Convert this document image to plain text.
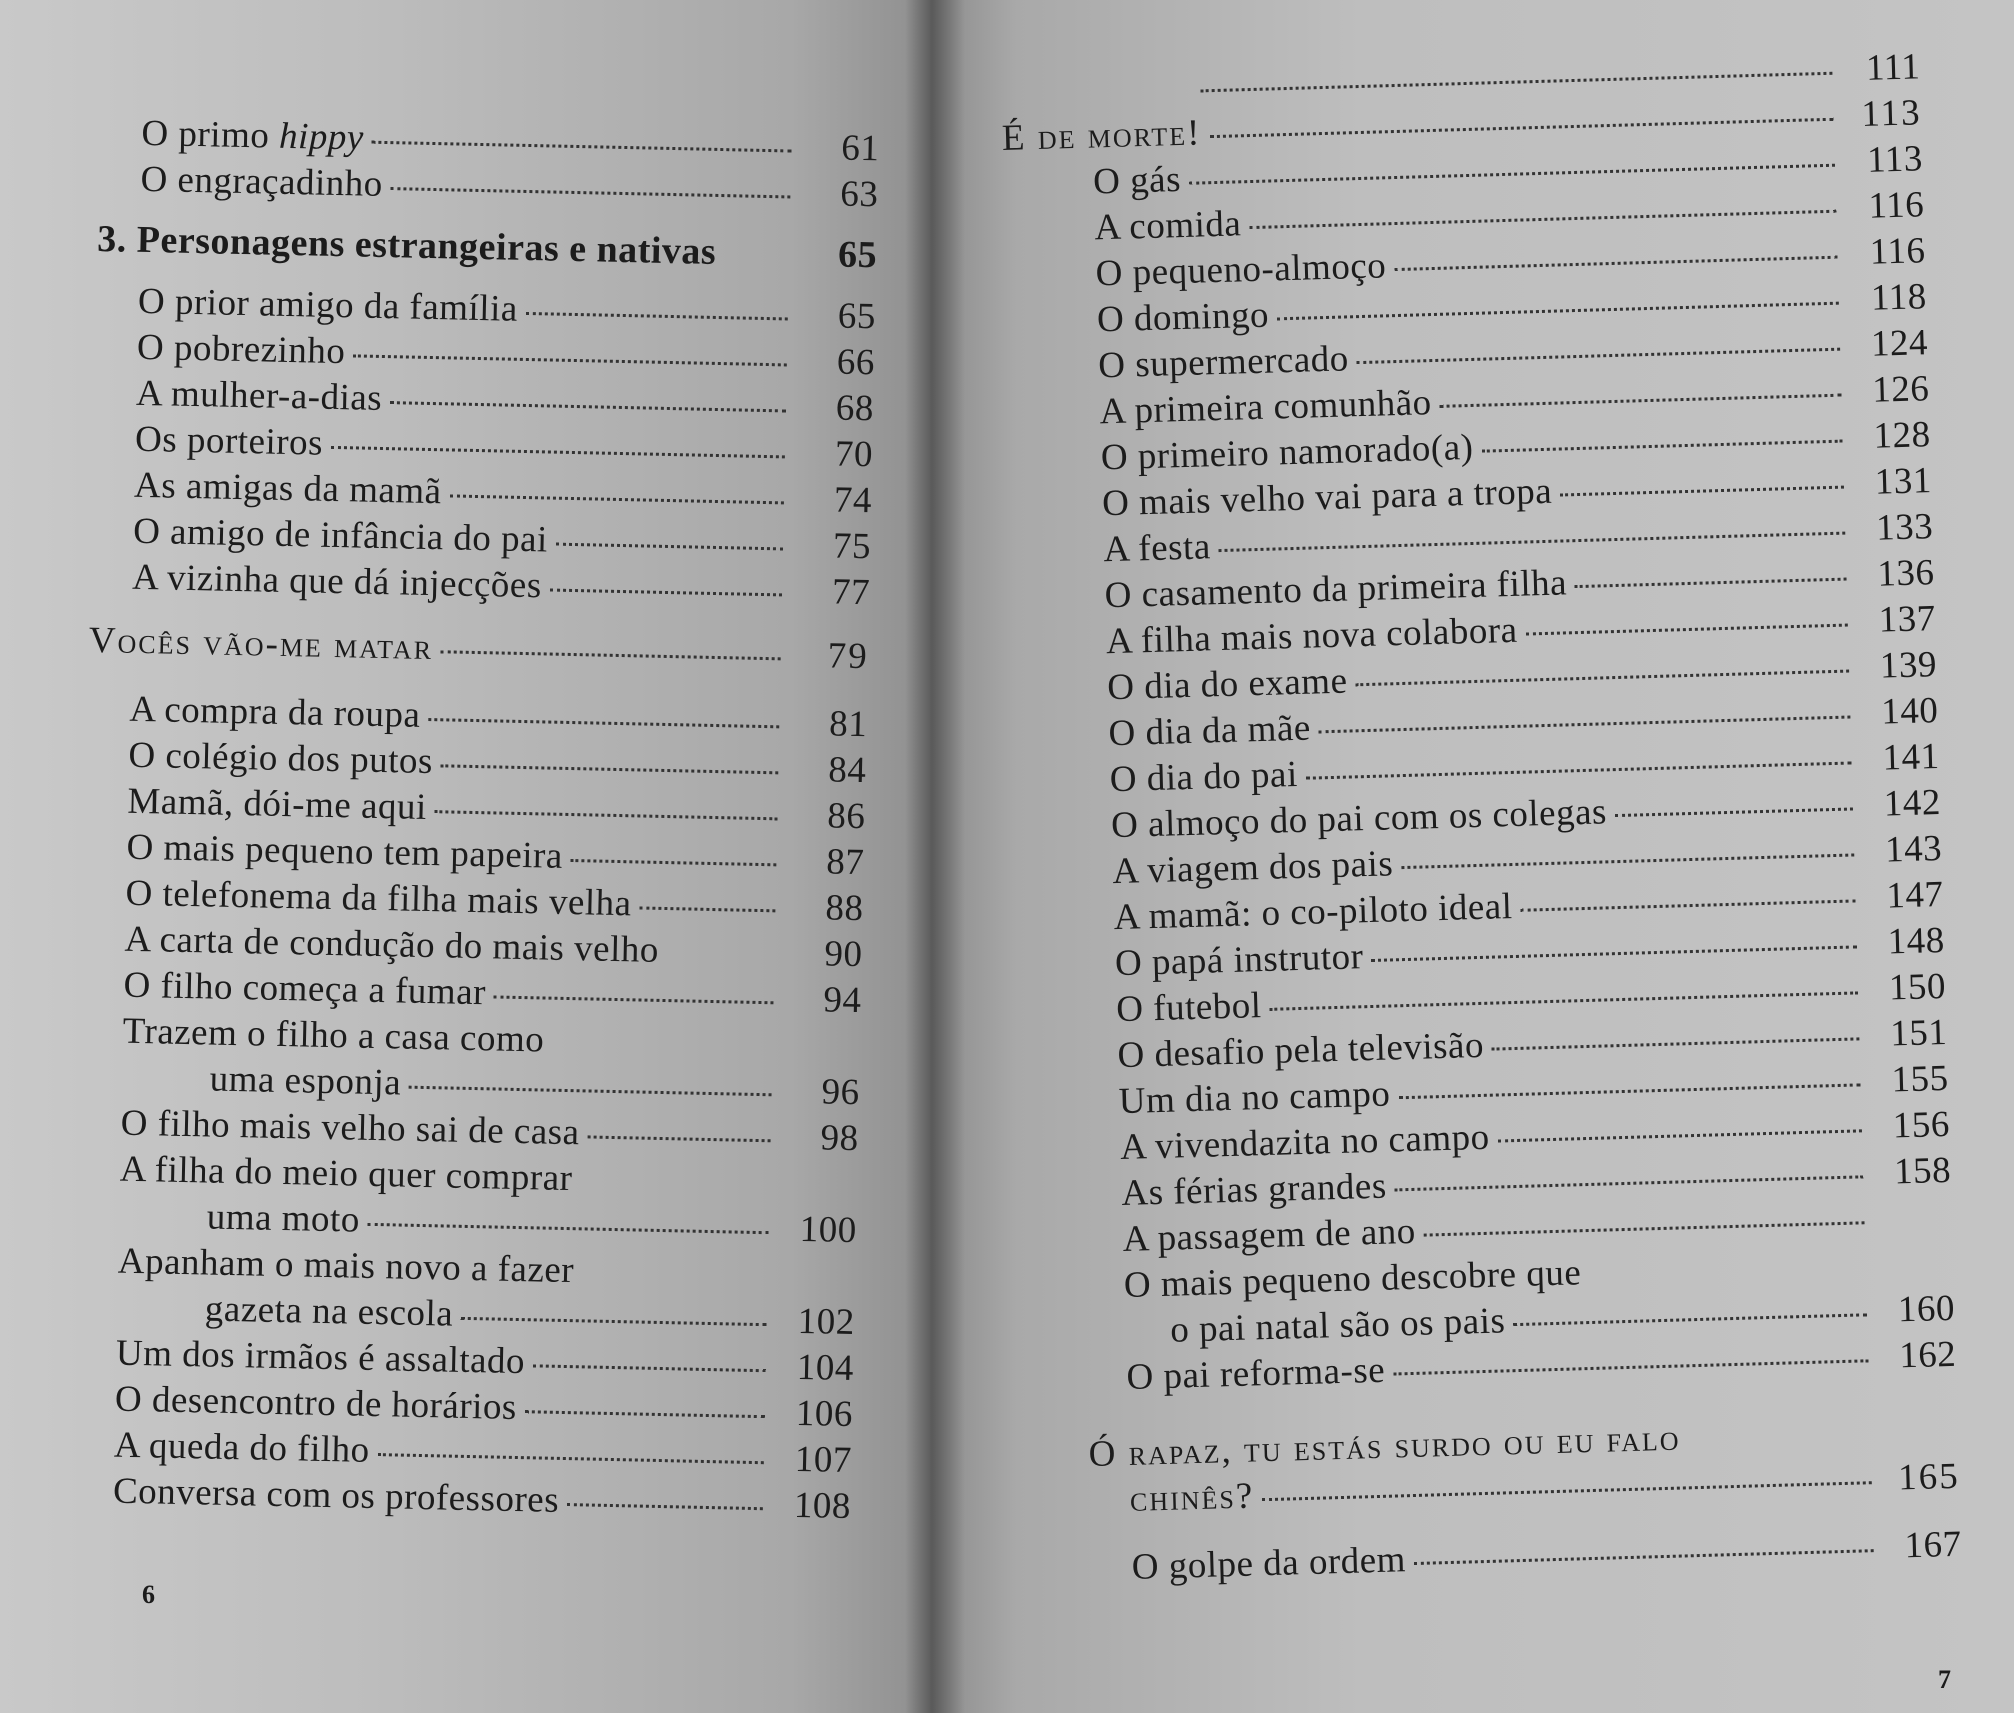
O primo hippy	61
O engraçadinho	63
3. Personagens estrangeiras e nativas	65
O prior amigo da família	65
O pobrezinho	66
A mulher-a-dias	68
Os porteiros	70
As amigas da mamã	74
O amigo de infância do pai	75
A vizinha que dá injecções	77
Vocês vão-me matar	79
A compra da roupa	81
O colégio dos putos	84
Mamã, dói-me aqui	86
O mais pequeno tem papeira	87
O telefonema da filha mais velha	88
A carta de condução do mais velho	90
O filho começa a fumar	94
Trazem o filho a casa como
uma esponja	96
O filho mais velho sai de casa	98
A filha do meio quer comprar
uma moto	100
Apanham o mais novo a fazer
gazeta na escola	102
Um dos irmãos é assaltado	104
O desencontro de horários	106
A queda do filho	107
Conversa com os professores	108
6
111
É de morte!	113
O gás	113
A comida	116
O pequeno-almoço	116
O domingo	118
O supermercado	124
A primeira comunhão	126
O primeiro namorado(a)	128
O mais velho vai para a tropa	131
A festa	133
O casamento da primeira filha	136
A filha mais nova colabora	137
O dia do exame	139
O dia da mãe	140
O dia do pai	141
O almoço do pai com os colegas	142
A viagem dos pais	143
A mamã: o co-piloto ideal	147
O papá instrutor	148
O futebol	150
O desafio pela televisão	151
Um dia no campo	155
A vivendazita no campo	156
As férias grandes	158
A passagem de ano
O mais pequeno descobre que
o pai natal são os pais	160
O pai reforma-se	162
Ó rapaz, tu estás surdo ou eu falo
chinês?	165
O golpe da ordem	167
7
